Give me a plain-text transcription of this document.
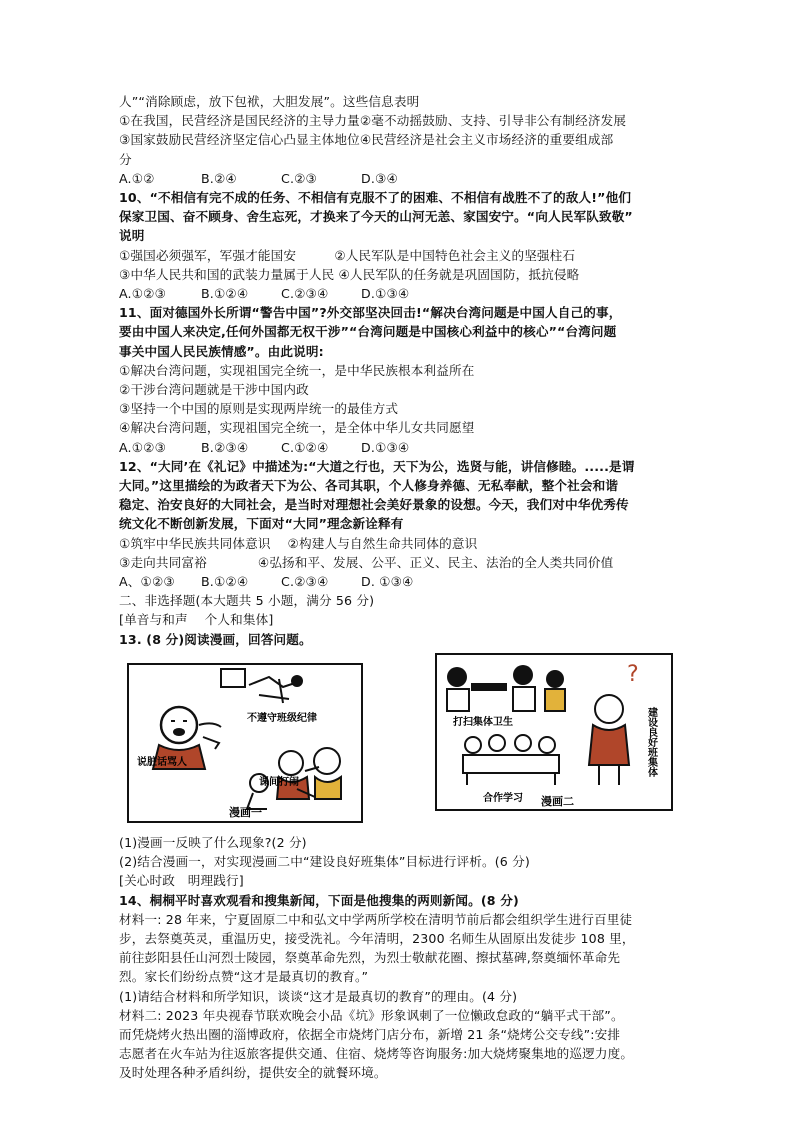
人”“消除顾虑，放下包袱，大胆发展”。这些信息表明
①在我国，民营经济是国民经济的主导力量②毫不动摇鼓励、支持、引导非公有制经济发展
③国家鼓励民营经济坚定信心凸显主体地位④民营经济是社会主义市场经济的重要组成部
分
A.①②	B.②④	C.②③	D.③④
10、“不相信有完不成的任务、不相信有克服不了的困难、不相信有战胜不了的敌人!”他们
保家卫国、奋不顾身、舍生忘死，才换来了今天的山河无恙、家国安宁。“向人民军队致敬”
说明
①强国必须强军，军强才能国安　　　②人民军队是中国特色社会主义的坚强柱石
③中华人民共和国的武装力量属于人民 ④人民军队的任务就是巩固国防，抵抗侵略
A.①②③	B.①②④	C.②③④	D.①③④
11、面对德国外长所谓“警告中国”?外交部坚决回击!“解决台湾问题是中国人自己的事，
要由中国人来决定,任何外国都无权干涉”“台湾问题是中国核心利益中的核心”“台湾问题
事关中国人民民族情感”。由此说明:
①解决台湾问题，实现祖国完全统一，是中华民族根本利益所在
②干涉台湾问题就是干涉中国内政
③坚持一个中国的原则是实现两岸统一的最佳方式
④解决台湾问题，实现祖国完全统一，是全体中华儿女共同愿望
A.①②③	B.②③④	C.①②④	D.①③④
12、“大同’在《礼记》中描述为:“大道之行也，天下为公，选贤与能，讲信修睦。.....是谓
大同。”这里描绘的为政者天下为公、各司其职，个人修身养德、无私奉献，整个社会和谐
稳定、治安良好的大同社会，是当时对理想社会美好景象的设想。今天，我们对中华优秀传
统文化不断创新发展，下面对“大同”理念新诠释有
①筑牢中华民族共同体意识　 ②构建人与自然生命共同体的意识
③走向共同富裕　　　　④弘扬和平、发展、公平、正义、民主、法治的全人类共同价值
A、①②③ B.①②④	C.②③④	D. ①③④
二、非选择题(本大题共 5 小题，满分 56 分)
[单音与和声　 个人和集体]
13. (8 分)阅读漫画，回答问题。
不遵守班级纪律
说脏话骂人
课间打闹
漫画一
?
打扫集体卫生
合作学习
建设良好班集体
漫画二
(1)漫画一反映了什么现象?(2 分)
(2)结合漫画一，对实现漫画二中“建设良好班集体”目标进行评析。(6 分)
[关心时政　明理践行]
14、桐桐平时喜欢观看和搜集新闻，下面是他搜集的两则新闻。(8 分)
材料一: 28 年来，宁夏固原二中和弘文中学两所学校在清明节前后都会组织学生进行百里徒
步，去祭奠英灵，重温历史，接受洗礼。今年清明，2300 名师生从固原出发徒步 108 里，
前往彭阳县任山河烈士陵园，祭奠革命先烈，为烈士敬献花圈、擦拭墓碑,祭奠缅怀革命先
烈。家长们纷纷点赞“这才是最真切的教育。”
(1)请结合材料和所学知识，谈谈“这才是最真切的教育”的理由。(4 分)
材料二: 2023 年央视春节联欢晚会小品《坑》形象讽刺了一位懒政怠政的“躺平式干部”。
而凭烧烤火热出圈的淄博政府，依据全市烧烤门店分布，新增 21 条“烧烤公交专线”:安排
志愿者在火车站为往返旅客提供交通、住宿、烧烤等咨询服务:加大烧烤聚集地的巡逻力度。
及时处理各种矛盾纠纷，提供安全的就餐环境。
